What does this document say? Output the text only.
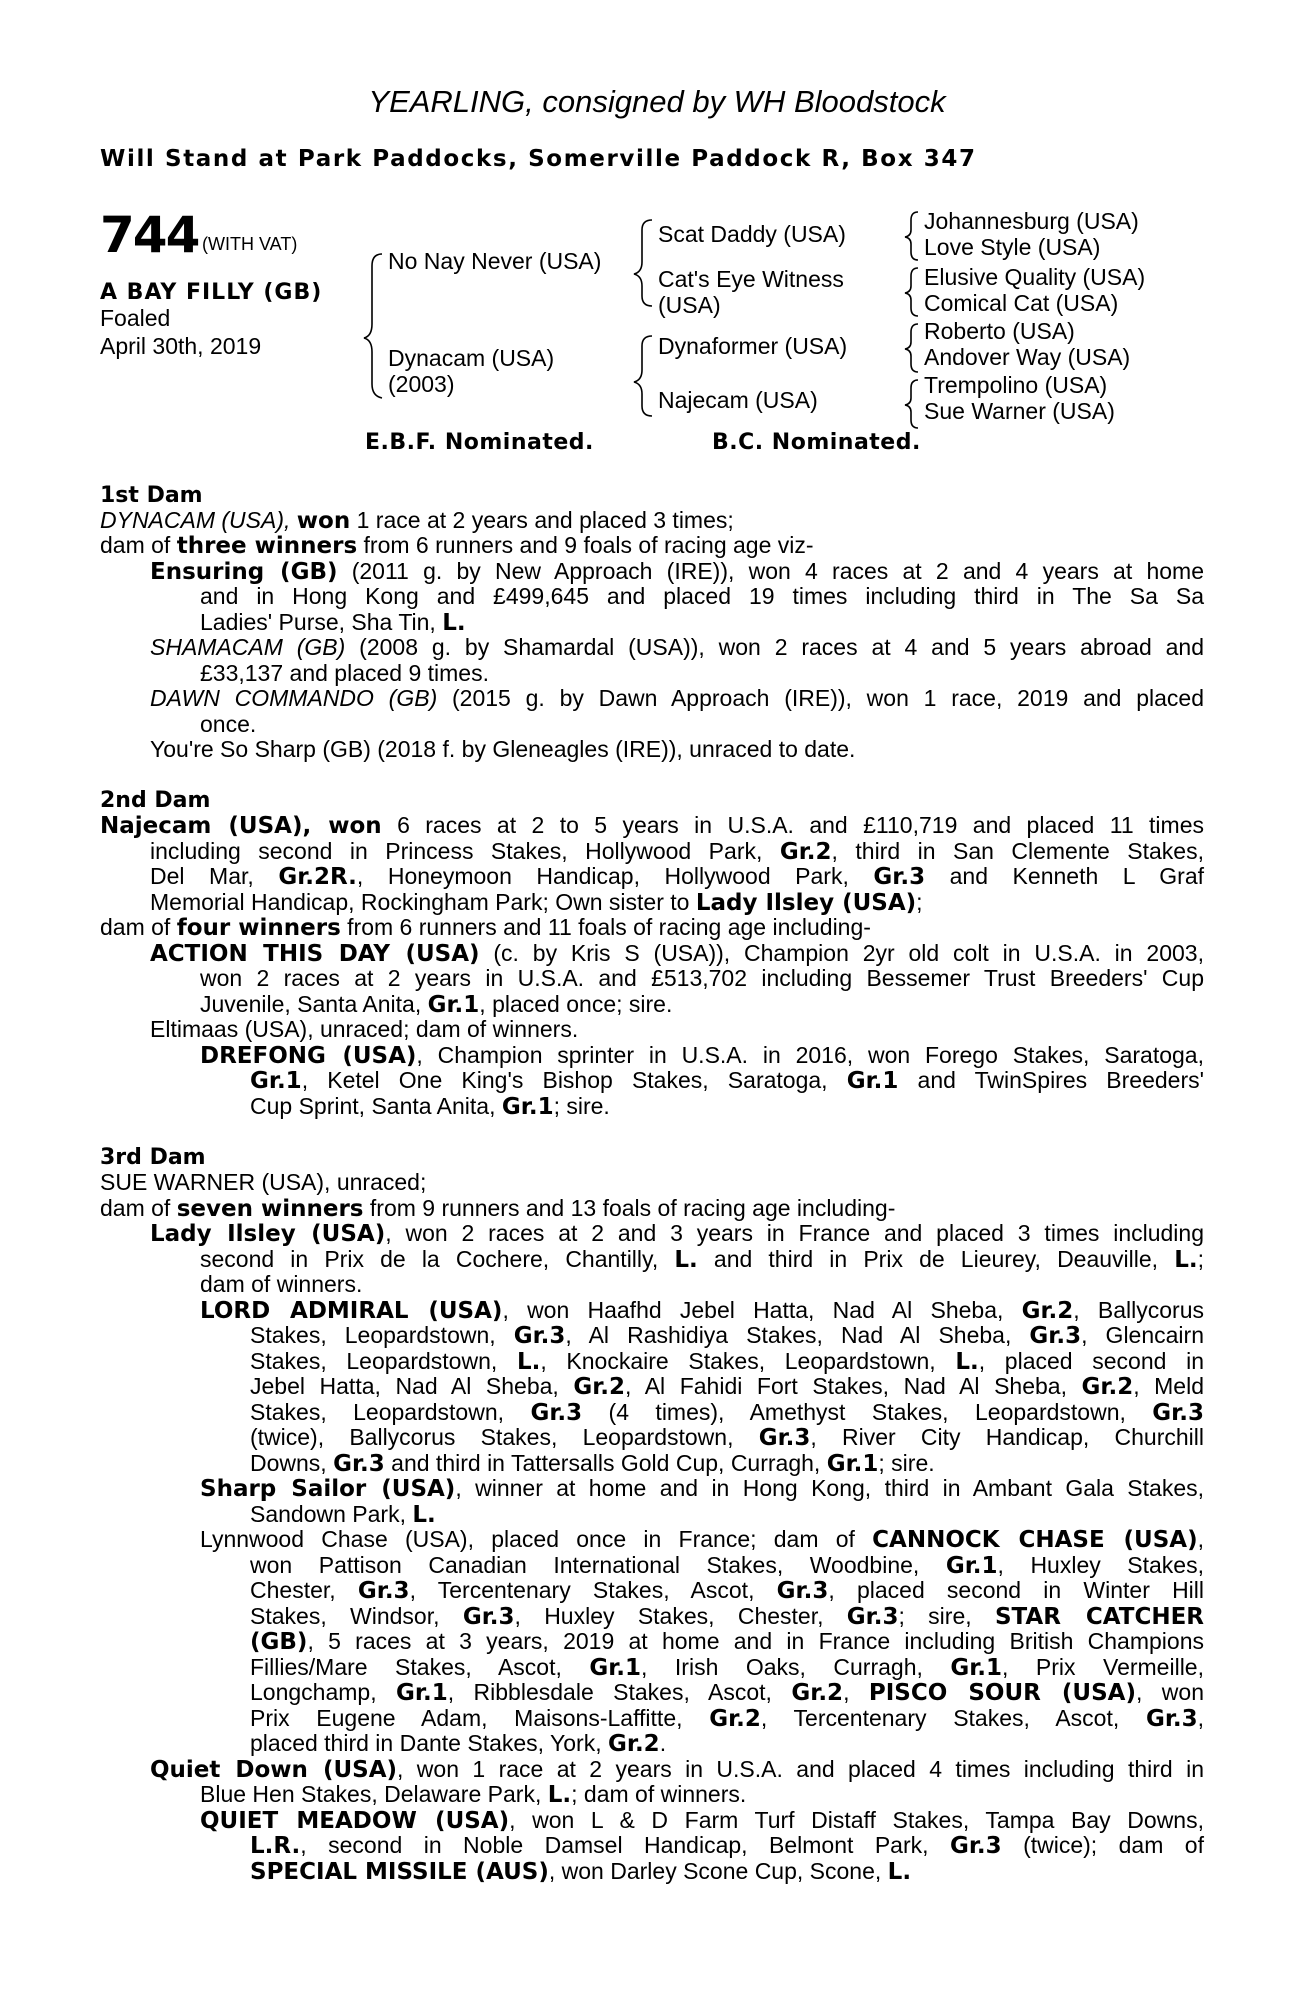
YEARLING, consigned by WH Bloodstock
Will Stand at Park Paddocks, Somerville Paddock R, Box 347
744 (WITH VAT)
A BAY FILLY (GB)
Foaled
April 30th, 2019
No Nay Never (USA)
Dynacam (USA)
(2003)
Scat Daddy (USA)
Cat's Eye Witness
(USA)
Dynaformer (USA)
Najecam (USA)
Johannesburg (USA)
Love Style (USA)
Elusive Quality (USA)
Comical Cat (USA)
Roberto (USA)
Andover Way (USA)
Trempolino (USA)
Sue Warner (USA)
E.B.F. Nominated.	B.C. Nominated.
1st Dam
DYNACAM (USA), won 1 race at 2 years and placed 3 times;
dam of three winners from 6 runners and 9 foals of racing age viz-
Ensuring (GB) (2011 g. by New Approach (IRE)), won 4 races at 2 and 4 years at home
and in Hong Kong and £499,645 and placed 19 times including third in The Sa Sa
Ladies' Purse, Sha Tin, L.
SHAMACAM (GB) (2008 g. by Shamardal (USA)), won 2 races at 4 and 5 years abroad and
£33,137 and placed 9 times.
DAWN COMMANDO (GB) (2015 g. by Dawn Approach (IRE)), won 1 race, 2019 and placed
once.
You're So Sharp (GB) (2018 f. by Gleneagles (IRE)), unraced to date.
2nd Dam
Najecam (USA), won 6 races at 2 to 5 years in U.S.A. and £110,719 and placed 11 times
including second in Princess Stakes, Hollywood Park, Gr.2, third in San Clemente Stakes,
Del Mar, Gr.2R., Honeymoon Handicap, Hollywood Park, Gr.3 and Kenneth L Graf
Memorial Handicap, Rockingham Park; Own sister to Lady Ilsley (USA);
dam of four winners from 6 runners and 11 foals of racing age including-
ACTION THIS DAY (USA) (c. by Kris S (USA)), Champion 2yr old colt in U.S.A. in 2003,
won 2 races at 2 years in U.S.A. and £513,702 including Bessemer Trust Breeders' Cup
Juvenile, Santa Anita, Gr.1, placed once; sire.
Eltimaas (USA), unraced; dam of winners.
DREFONG (USA), Champion sprinter in U.S.A. in 2016, won Forego Stakes, Saratoga,
Gr.1, Ketel One King's Bishop Stakes, Saratoga, Gr.1 and TwinSpires Breeders'
Cup Sprint, Santa Anita, Gr.1; sire.
3rd Dam
SUE WARNER (USA), unraced;
dam of seven winners from 9 runners and 13 foals of racing age including-
Lady Ilsley (USA), won 2 races at 2 and 3 years in France and placed 3 times including
second in Prix de la Cochere, Chantilly, L. and third in Prix de Lieurey, Deauville, L.;
dam of winners.
LORD ADMIRAL (USA), won Haafhd Jebel Hatta, Nad Al Sheba, Gr.2, Ballycorus
Stakes, Leopardstown, Gr.3, Al Rashidiya Stakes, Nad Al Sheba, Gr.3, Glencairn
Stakes, Leopardstown, L., Knockaire Stakes, Leopardstown, L., placed second in
Jebel Hatta, Nad Al Sheba, Gr.2, Al Fahidi Fort Stakes, Nad Al Sheba, Gr.2, Meld
Stakes, Leopardstown, Gr.3 (4 times), Amethyst Stakes, Leopardstown, Gr.3
(twice), Ballycorus Stakes, Leopardstown, Gr.3, River City Handicap, Churchill
Downs, Gr.3 and third in Tattersalls Gold Cup, Curragh, Gr.1; sire.
Sharp Sailor (USA), winner at home and in Hong Kong, third in Ambant Gala Stakes,
Sandown Park, L.
Lynnwood Chase (USA), placed once in France; dam of CANNOCK CHASE (USA),
won Pattison Canadian International Stakes, Woodbine, Gr.1, Huxley Stakes,
Chester, Gr.3, Tercentenary Stakes, Ascot, Gr.3, placed second in Winter Hill
Stakes, Windsor, Gr.3, Huxley Stakes, Chester, Gr.3; sire, STAR CATCHER
(GB), 5 races at 3 years, 2019 at home and in France including British Champions
Fillies/Mare Stakes, Ascot, Gr.1, Irish Oaks, Curragh, Gr.1, Prix Vermeille,
Longchamp, Gr.1, Ribblesdale Stakes, Ascot, Gr.2, PISCO SOUR (USA), won
Prix Eugene Adam, Maisons-Laffitte, Gr.2, Tercentenary Stakes, Ascot, Gr.3,
placed third in Dante Stakes, York, Gr.2.
Quiet Down (USA), won 1 race at 2 years in U.S.A. and placed 4 times including third in
Blue Hen Stakes, Delaware Park, L.; dam of winners.
QUIET MEADOW (USA), won L & D Farm Turf Distaff Stakes, Tampa Bay Downs,
L.R., second in Noble Damsel Handicap, Belmont Park, Gr.3 (twice); dam of
SPECIAL MISSILE (AUS), won Darley Scone Cup, Scone, L.
